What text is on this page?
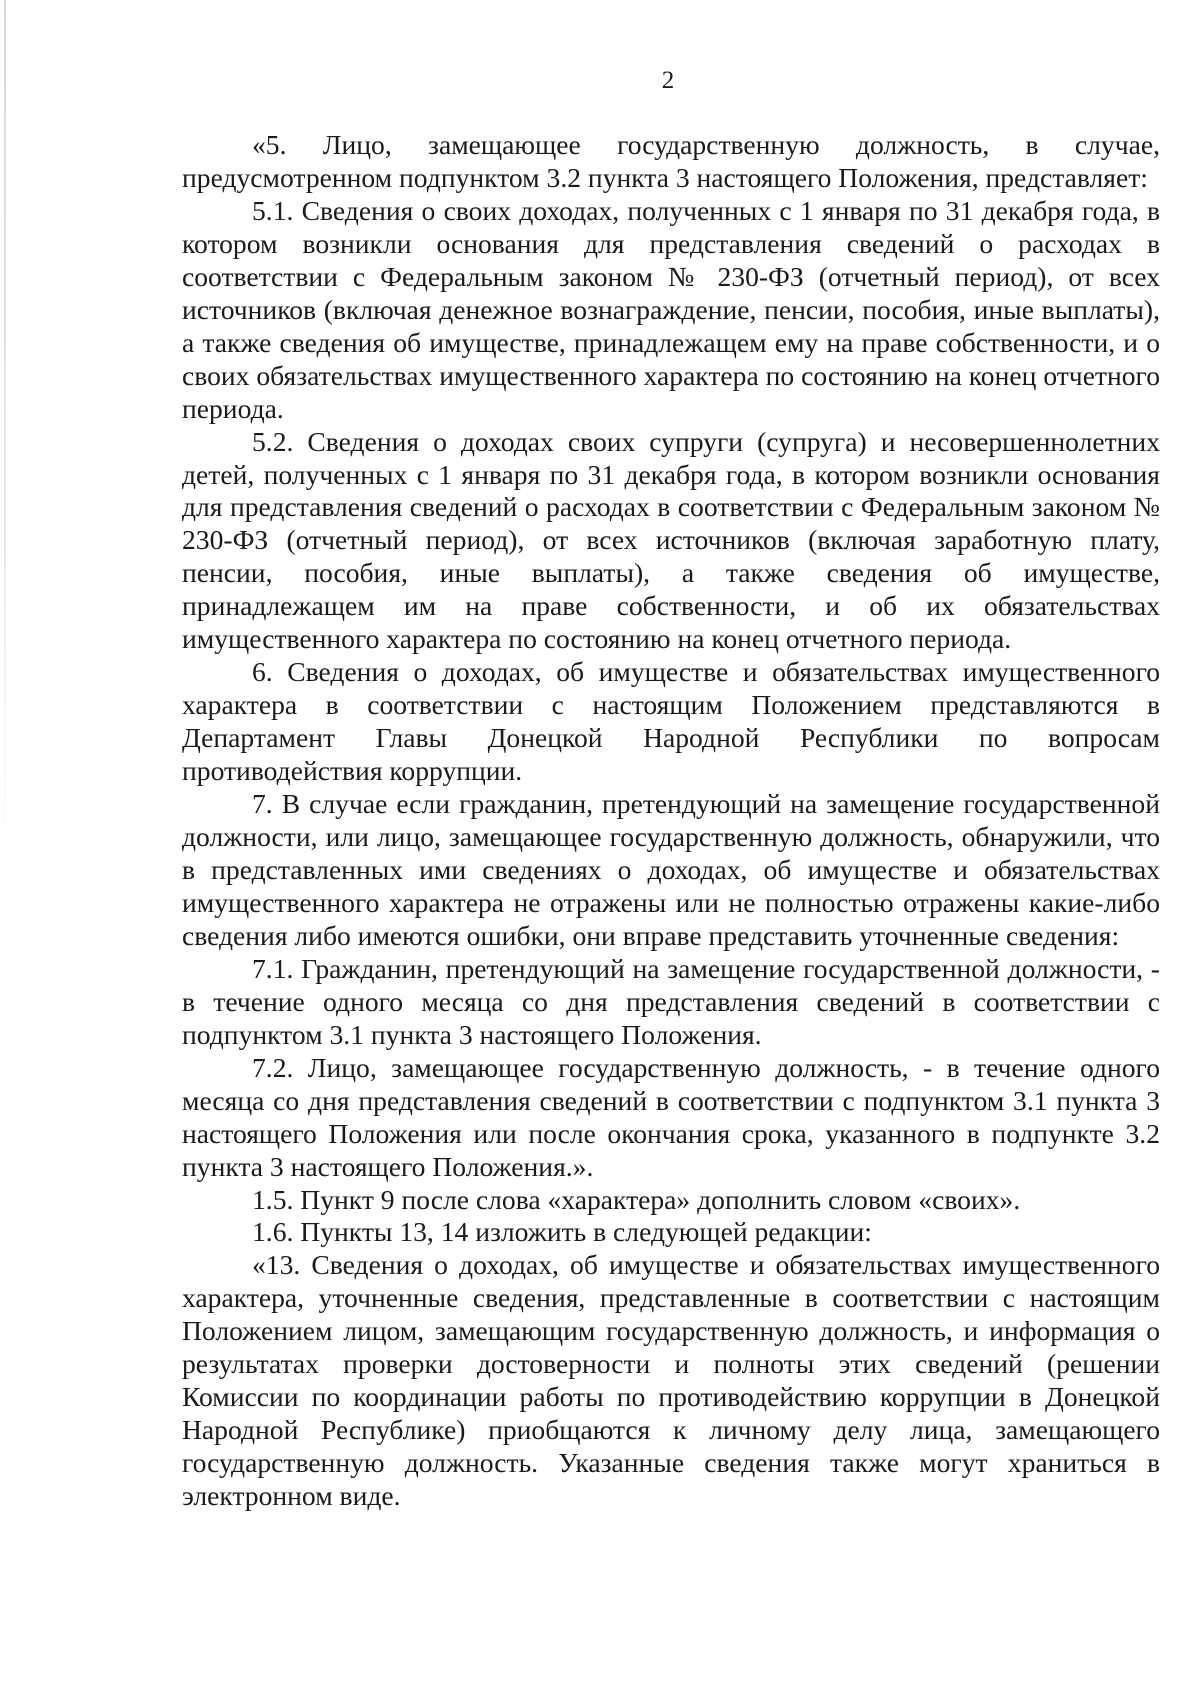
2

«5. Лицо, замещающее государственную должность, в случае, предусмотренном подпунктом 3.2 пункта 3 настоящего Положения, представляет:

5.1. Сведения о своих доходах, полученных с 1 января по 31 декабря года, в котором возникли основания для представления сведений о расходах в соответствии с Федеральным законом № 230-ФЗ (отчетный период), от всех источников (включая денежное вознаграждение, пенсии, пособия, иные выплаты), а также сведения об имуществе, принадлежащем ему на праве собственности, и о своих обязательствах имущественного характера по состоянию на конец отчетного периода.

5.2. Сведения о доходах своих супруги (супруга) и несовершеннолетних детей, полученных с 1 января по 31 декабря года, в котором возникли основания для представления сведений о расходах в соответствии с Федеральным законом № 230-ФЗ (отчетный период), от всех источников (включая заработную плату, пенсии, пособия, иные выплаты), а также сведения об имуществе, принадлежащем им на праве собственности, и об их обязательствах имущественного характера по состоянию на конец отчетного периода.

6. Сведения о доходах, об имуществе и обязательствах имущественного характера в соответствии с настоящим Положением представляются в Департамент Главы Донецкой Народной Республики по вопросам противодействия коррупции.

7. В случае если гражданин, претендующий на замещение государственной должности, или лицо, замещающее государственную должность, обнаружили, что в представленных ими сведениях о доходах, об имуществе и обязательствах имущественного характера не отражены или не полностью отражены какие-либо сведения либо имеются ошибки, они вправе представить уточненные сведения:

7.1. Гражданин, претендующий на замещение государственной должности, - в течение одного месяца со дня представления сведений в соответствии с подпунктом 3.1 пункта 3 настоящего Положения.

7.2. Лицо, замещающее государственную должность, - в течение одного месяца со дня представления сведений в соответствии с подпунктом 3.1 пункта 3 настоящего Положения или после окончания срока, указанного в подпункте 3.2 пункта 3 настоящего Положения.».

1.5. Пункт 9 после слова «характера» дополнить словом «своих».

1.6. Пункты 13, 14 изложить в следующей редакции:

«13. Сведения о доходах, об имуществе и обязательствах имущественного характера, уточненные сведения, представленные в соответствии с настоящим Положением лицом, замещающим государственную должность, и информация о результатах проверки достоверности и полноты этих сведений (решении Комиссии по координации работы по противодействию коррупции в Донецкой Народной Республике) приобщаются к личному делу лица, замещающего государственную должность. Указанные сведения также могут храниться в электронном виде.
